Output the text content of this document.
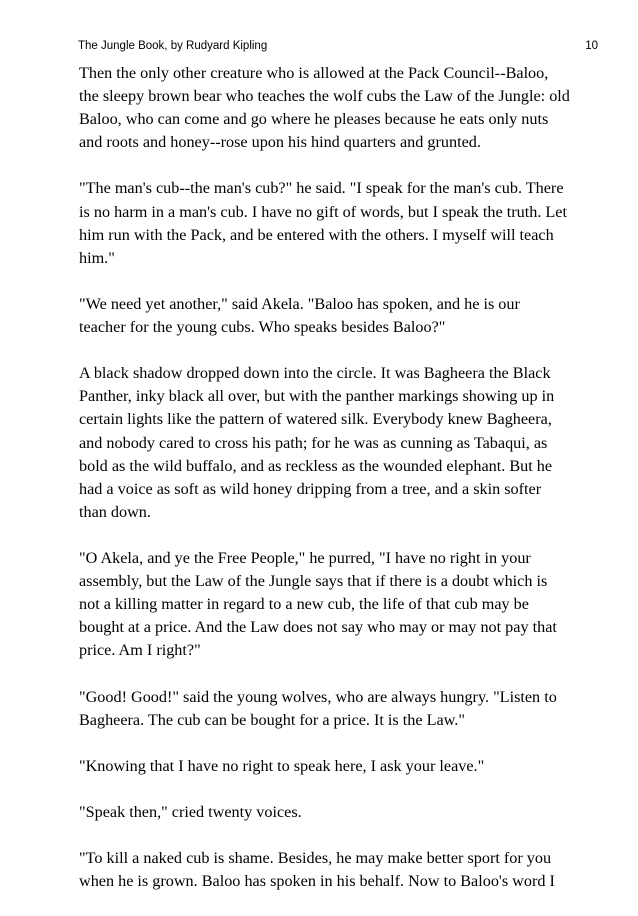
The Jungle Book, by Rudyard Kipling	10

Then the only other creature who is allowed at the Pack Council--Baloo,
the sleepy brown bear who teaches the wolf cubs the Law of the Jungle: old
Baloo, who can come and go where he pleases because he eats only nuts
and roots and honey--rose upon his hind quarters and grunted.

"The man's cub--the man's cub?" he said. "I speak for the man's cub. There
is no harm in a man's cub. I have no gift of words, but I speak the truth. Let
him run with the Pack, and be entered with the others. I myself will teach
him."

"We need yet another," said Akela. "Baloo has spoken, and he is our
teacher for the young cubs. Who speaks besides Baloo?"

A black shadow dropped down into the circle. It was Bagheera the Black
Panther, inky black all over, but with the panther markings showing up in
certain lights like the pattern of watered silk. Everybody knew Bagheera,
and nobody cared to cross his path; for he was as cunning as Tabaqui, as
bold as the wild buffalo, and as reckless as the wounded elephant. But he
had a voice as soft as wild honey dripping from a tree, and a skin softer
than down.

"O Akela, and ye the Free People," he purred, "I have no right in your
assembly, but the Law of the Jungle says that if there is a doubt which is
not a killing matter in regard to a new cub, the life of that cub may be
bought at a price. And the Law does not say who may or may not pay that
price. Am I right?"

"Good! Good!" said the young wolves, who are always hungry. "Listen to
Bagheera. The cub can be bought for a price. It is the Law."

"Knowing that I have no right to speak here, I ask your leave."

"Speak then," cried twenty voices.

"To kill a naked cub is shame. Besides, he may make better sport for you
when he is grown. Baloo has spoken in his behalf. Now to Baloo's word I
